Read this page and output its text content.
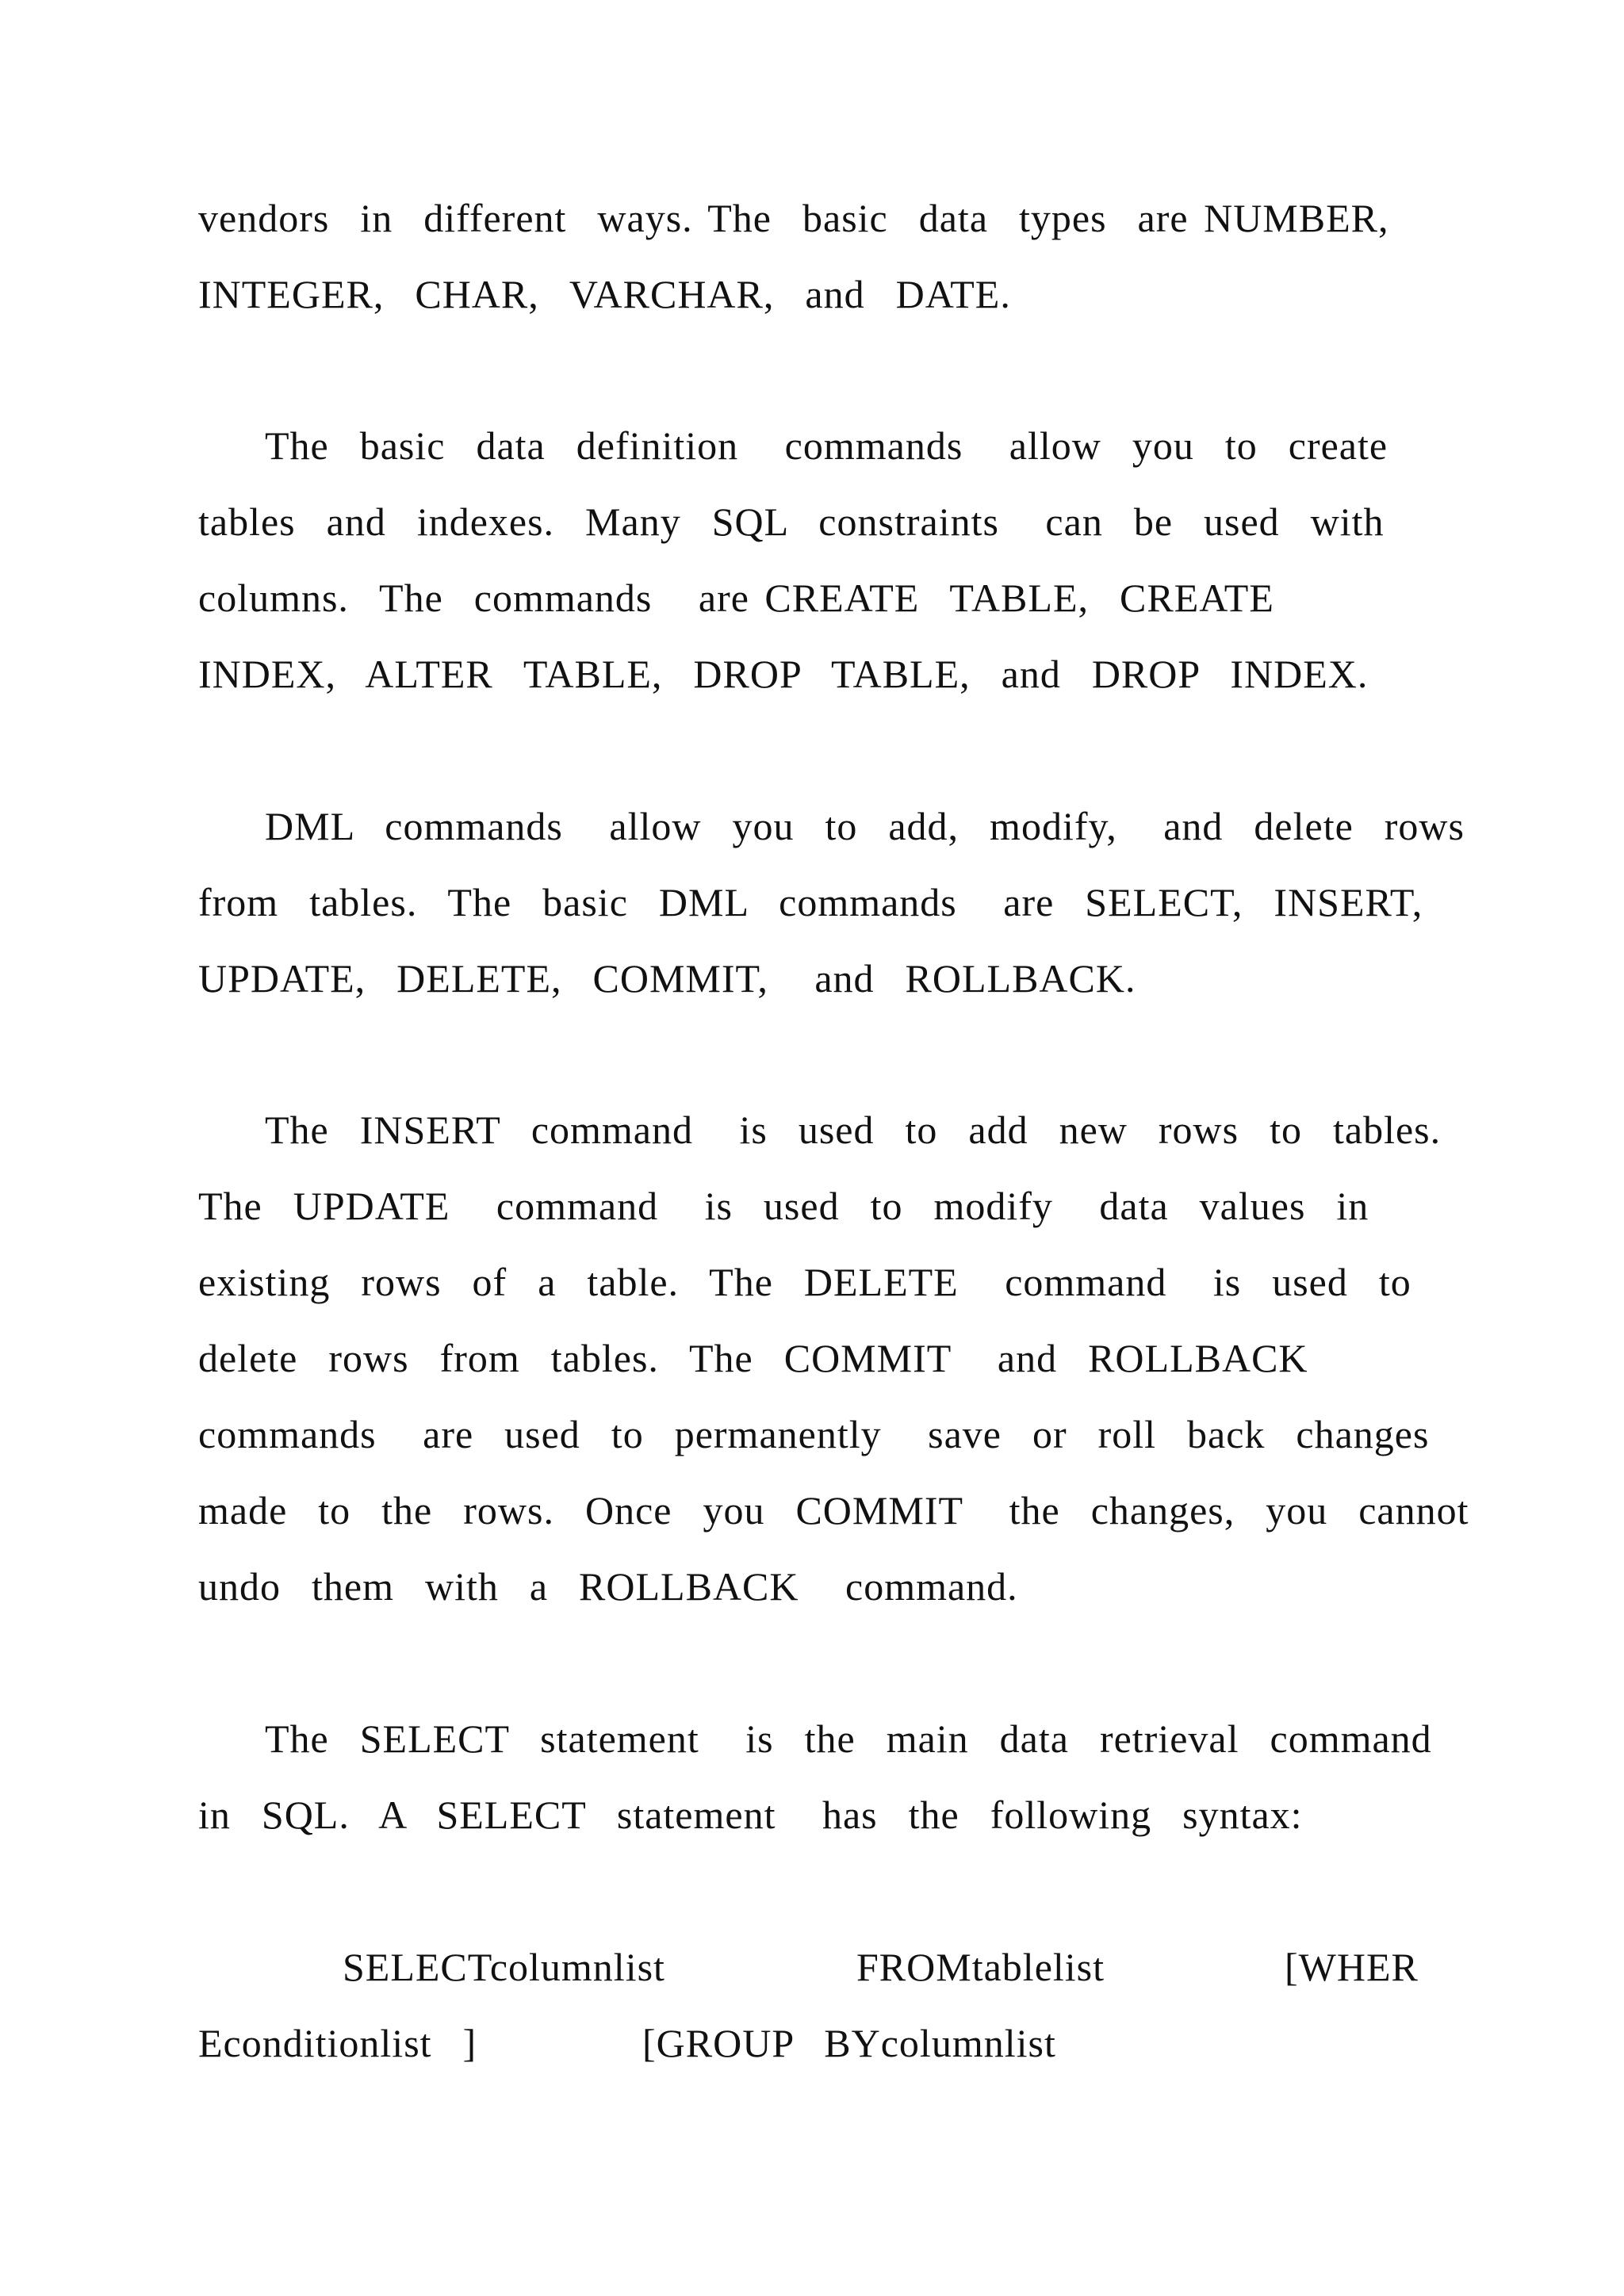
vendors  in  different  ways. The  basic  data  types  are NUMBER,
INTEGER,  CHAR,  VARCHAR,  and  DATE.
The  basic  data  definition   commands   allow  you  to  create
tables  and  indexes.  Many  SQL  constraints   can  be  used  with
columns.  The  commands   are CREATE  TABLE,  CREATE
INDEX,  ALTER  TABLE,  DROP  TABLE,  and  DROP  INDEX.
DML  commands   allow  you  to  add,  modify,   and  delete  rows
from  tables.  The  basic  DML  commands   are  SELECT,  INSERT,
UPDATE,  DELETE,  COMMIT,   and  ROLLBACK.
The  INSERT  command   is  used  to  add  new  rows  to  tables.
The  UPDATE   command   is  used  to  modify   data  values  in
existing  rows  of  a  table.  The  DELETE   command   is  used  to
delete  rows  from  tables.  The  COMMIT   and  ROLLBACK
commands   are  used  to  permanently   save  or  roll  back  changes
made  to  the  rows.  Once  you  COMMIT   the  changes,  you  cannot
undo  them  with  a  ROLLBACK   command.
The  SELECT  statement   is  the  main  data  retrieval  command
in  SQL.  A  SELECT  statement   has  the  following  syntax:
SELECTcolumnlist	FROMtablelist	[WHER
Econditionlist  ]	[GROUP  BYcolumnlist
